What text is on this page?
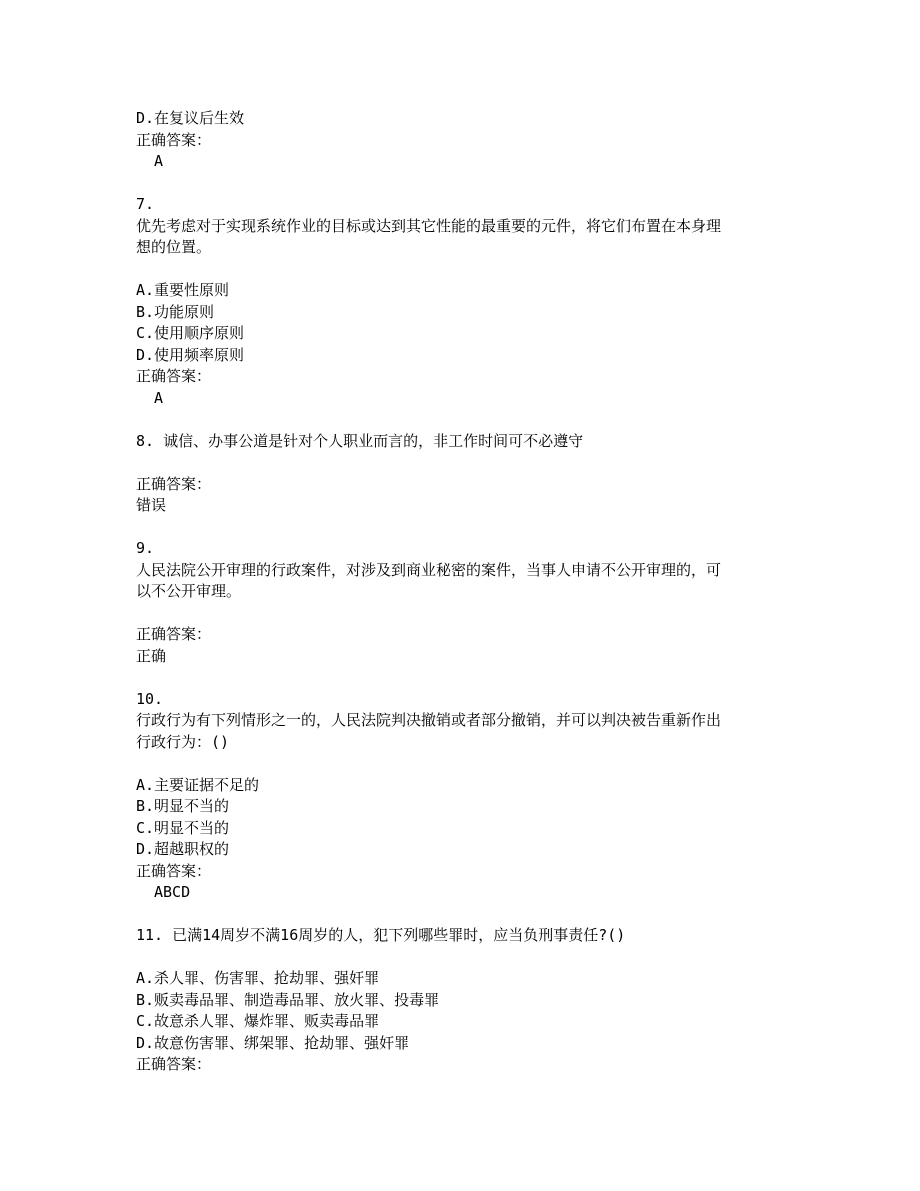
D.在复议后生效
正确答案：
A
7.
优先考虑对于实现系统作业的目标或达到其它性能的最重要的元件，将它们布置在本身理
想的位置。
A.重要性原则
B.功能原则
C.使用顺序原则
D.使用频率原则
正确答案：
A
8. 诚信、办事公道是针对个人职业而言的，非工作时间可不必遵守
正确答案：
错误
9.
人民法院公开审理的行政案件，对涉及到商业秘密的案件，当事人申请不公开审理的，可
以不公开审理。
正确答案：
正确
10.
行政行为有下列情形之一的，人民法院判决撤销或者部分撤销，并可以判决被告重新作出
行政行为：()
A.主要证据不足的
B.明显不当的
C.明显不当的
D.超越职权的
正确答案：
ABCD
11. 已满14周岁不满16周岁的人，犯下列哪些罪时，应当负刑事责任?()
A.杀人罪、伤害罪、抢劫罪、强奸罪
B.贩卖毒品罪、制造毒品罪、放火罪、投毒罪
C.故意杀人罪、爆炸罪、贩卖毒品罪
D.故意伤害罪、绑架罪、抢劫罪、强奸罪
正确答案：
